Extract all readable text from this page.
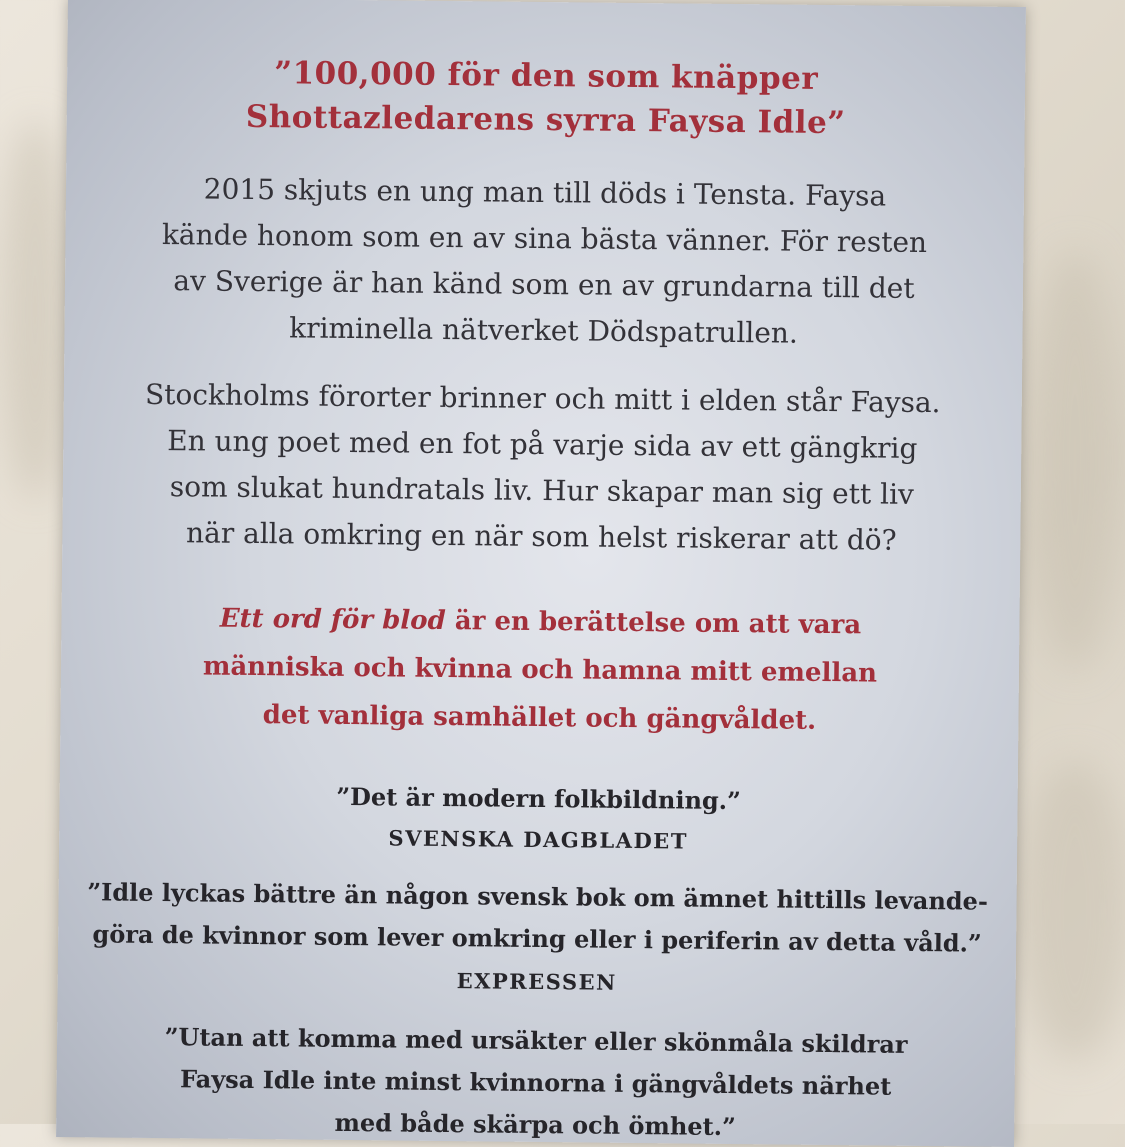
”100,000 för den som knäpper
Shottazledarens syrra Faysa Idle”
2015 skjuts en ung man till döds i Tensta. Faysa
kände honom som en av sina bästa vänner. För resten
av Sverige är han känd som en av grundarna till det
kriminella nätverket Dödspatrullen.
Stockholms förorter brinner och mitt i elden står Faysa.
En ung poet med en fot på varje sida av ett gängkrig
som slukat hundratals liv. Hur skapar man sig ett liv
när alla omkring en när som helst riskerar att dö?
Ett ord för blod är en berättelse om att vara
människa och kvinna och hamna mitt emellan
det vanliga samhället och gängvåldet.
”Det är modern folkbildning.”
SVENSKA DAGBLADET
”Idle lyckas bättre än någon svensk bok om ämnet hittills levande-
göra de kvinnor som lever omkring eller i periferin av detta våld.”
EXPRESSEN
”Utan att komma med ursäkter eller skönmåla skildrar
Faysa Idle inte minst kvinnorna i gängvåldets närhet
med både skärpa och ömhet.”
